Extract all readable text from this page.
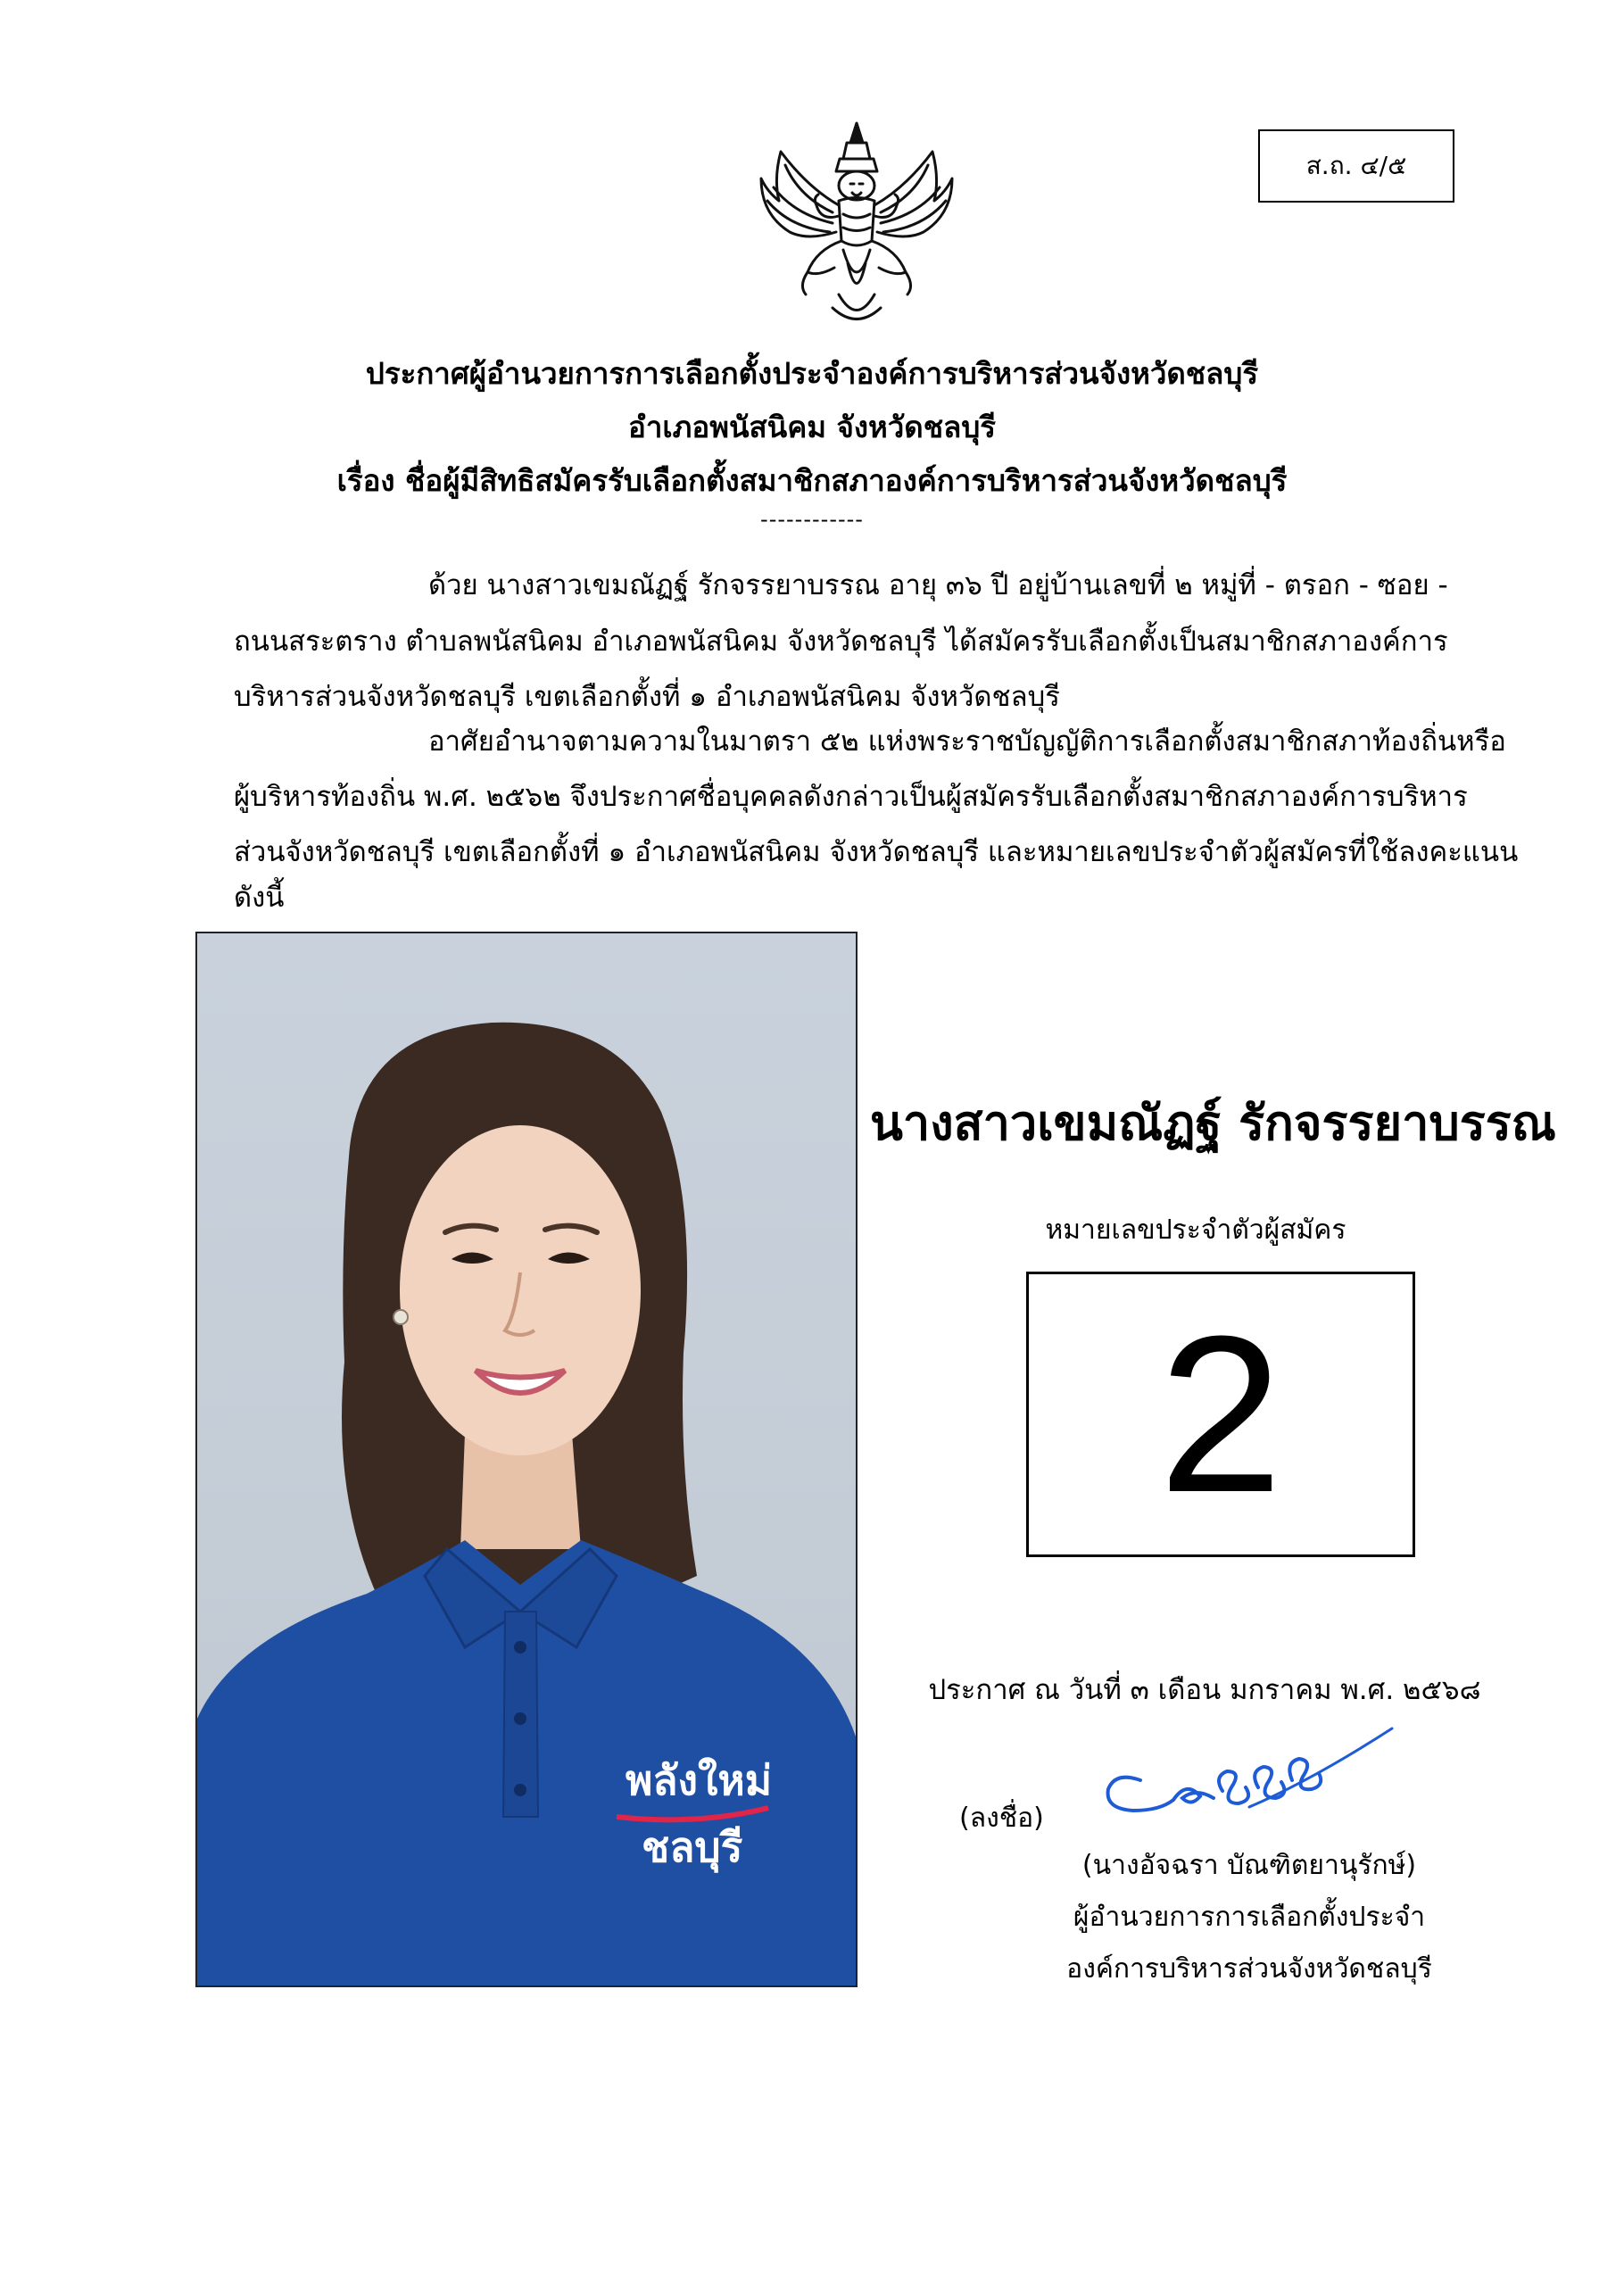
ส.ถ. ๔/๕
ประกาศผู้อำนวยการการเลือกตั้งประจำองค์การบริหารส่วนจังหวัดชลบุรี
อำเภอพนัสนิคม จังหวัดชลบุรี
เรื่อง ชื่อผู้มีสิทธิสมัครรับเลือกตั้งสมาชิกสภาองค์การบริหารส่วนจังหวัดชลบุรี
------------
ด้วย นางสาวเขมณัฏฐ์ รักจรรยาบรรณ อายุ ๓๖ ปี อยู่บ้านเลขที่ ๒ หมู่ที่ - ตรอก - ซอย -
ถนนสระตราง ตำบลพนัสนิคม อำเภอพนัสนิคม จังหวัดชลบุรี ได้สมัครรับเลือกตั้งเป็นสมาชิกสภาองค์การ
บริหารส่วนจังหวัดชลบุรี เขตเลือกตั้งที่ ๑ อำเภอพนัสนิคม จังหวัดชลบุรี
อาศัยอำนาจตามความในมาตรา ๕๒ แห่งพระราชบัญญัติการเลือกตั้งสมาชิกสภาท้องถิ่นหรือ
ผู้บริหารท้องถิ่น พ.ศ. ๒๕๖๒ จึงประกาศชื่อบุคคลดังกล่าวเป็นผู้สมัครรับเลือกตั้งสมาชิกสภาองค์การบริหาร
ส่วนจังหวัดชลบุรี เขตเลือกตั้งที่ ๑ อำเภอพนัสนิคม จังหวัดชลบุรี และหมายเลขประจำตัวผู้สมัครที่ใช้ลงคะแนน
ดังนี้
พลังใหม่
ชลบุรี
นางสาวเขมณัฏฐ์ รักจรรยาบรรณ
หมายเลขประจำตัวผู้สมัคร
2
ประกาศ ณ วันที่ ๓ เดือน มกราคม พ.ศ. ๒๕๖๘
(ลงชื่อ)
(นางอัจฉรา บัณฑิตยานุรักษ์)
ผู้อำนวยการการเลือกตั้งประจำ
องค์การบริหารส่วนจังหวัดชลบุรี
